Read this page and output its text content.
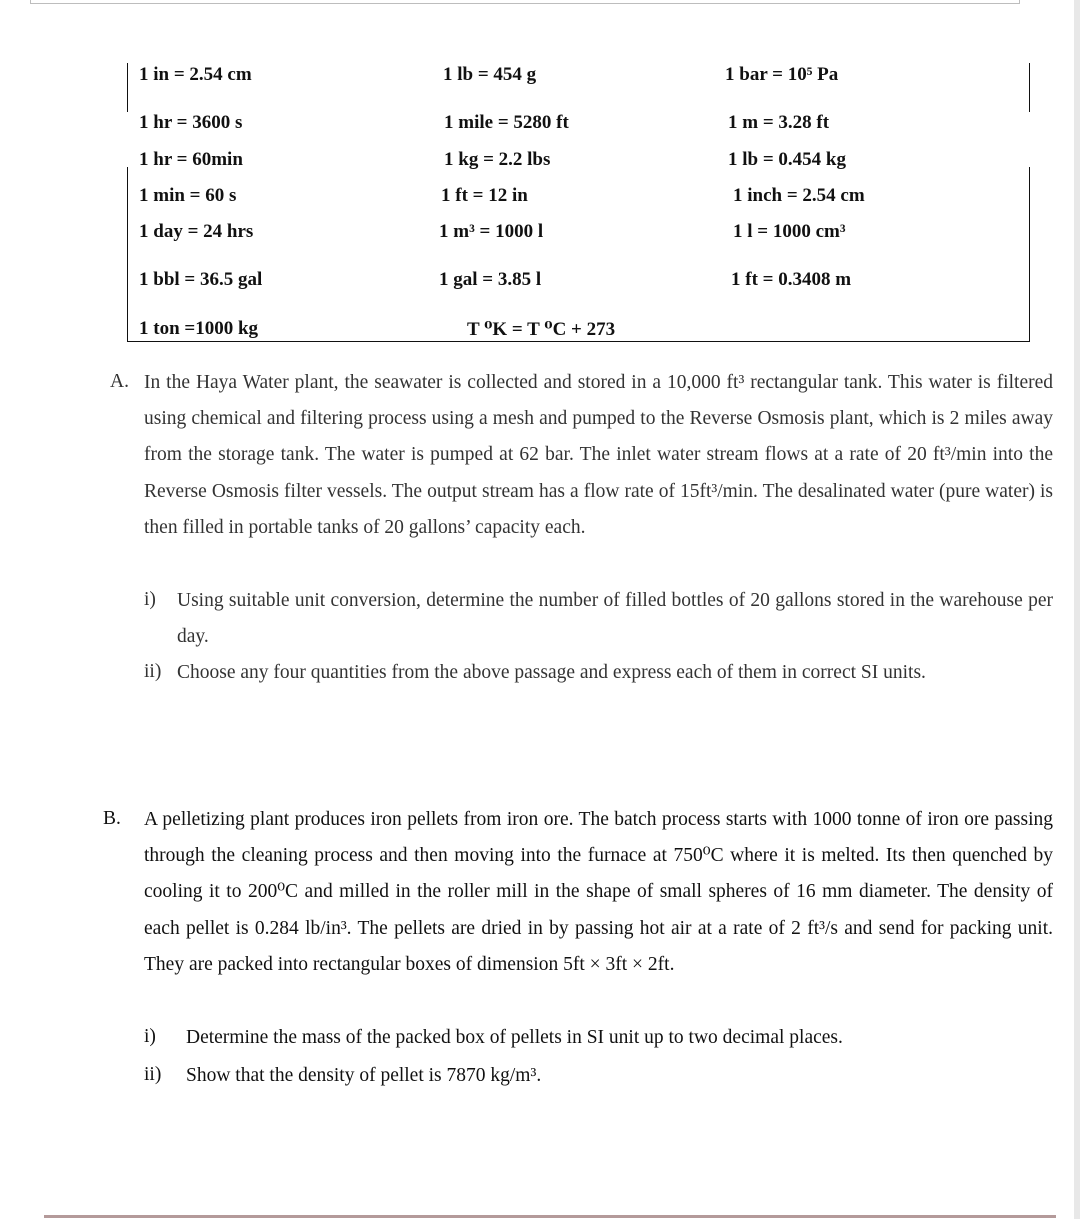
1 in = 2.54 cm	1 lb = 454 g	1 bar = 10⁵ Pa
1 hr = 3600 s	1 mile = 5280 ft	1 m = 3.28 ft
1 hr = 60min	1 kg = 2.2 lbs	1 lb = 0.454 kg
1 min = 60 s	1 ft = 12 in	1 inch = 2.54 cm
1 day = 24 hrs	1 m³ = 1000 l	1 l = 1000 cm³
1 bbl = 36.5 gal	1 gal = 3.85 l	1 ft = 0.3408 m
1 ton =1000 kg	T ⁰K = T ⁰C + 273
A. In the Haya Water plant, the seawater is collected and stored in a 10,000 ft³ rectangular tank. This water is filtered using chemical and filtering process using a mesh and pumped to the Reverse Osmosis plant, which is 2 miles away from the storage tank. The water is pumped at 62 bar. The inlet water stream flows at a rate of 20 ft³/min into the Reverse Osmosis filter vessels. The output stream has a flow rate of 15ft³/min. The desalinated water (pure water) is then filled in portable tanks of 20 gallons’ capacity each.
i) Using suitable unit conversion, determine the number of filled bottles of 20 gallons stored in the warehouse per day.
ii) Choose any four quantities from the above passage and express each of them in correct SI units.
B. A pelletizing plant produces iron pellets from iron ore. The batch process starts with 1000 tonne of iron ore passing through the cleaning process and then moving into the furnace at 750⁰C where it is melted. Its then quenched by cooling it to 200⁰C and milled in the roller mill in the shape of small spheres of 16 mm diameter. The density of each pellet is 0.284 lb/in³. The pellets are dried in by passing hot air at a rate of 2 ft³/s and send for packing unit. They are packed into rectangular boxes of dimension 5ft × 3ft × 2ft.
i) Determine the mass of the packed box of pellets in SI unit up to two decimal places.
ii) Show that the density of pellet is 7870 kg/m³.
